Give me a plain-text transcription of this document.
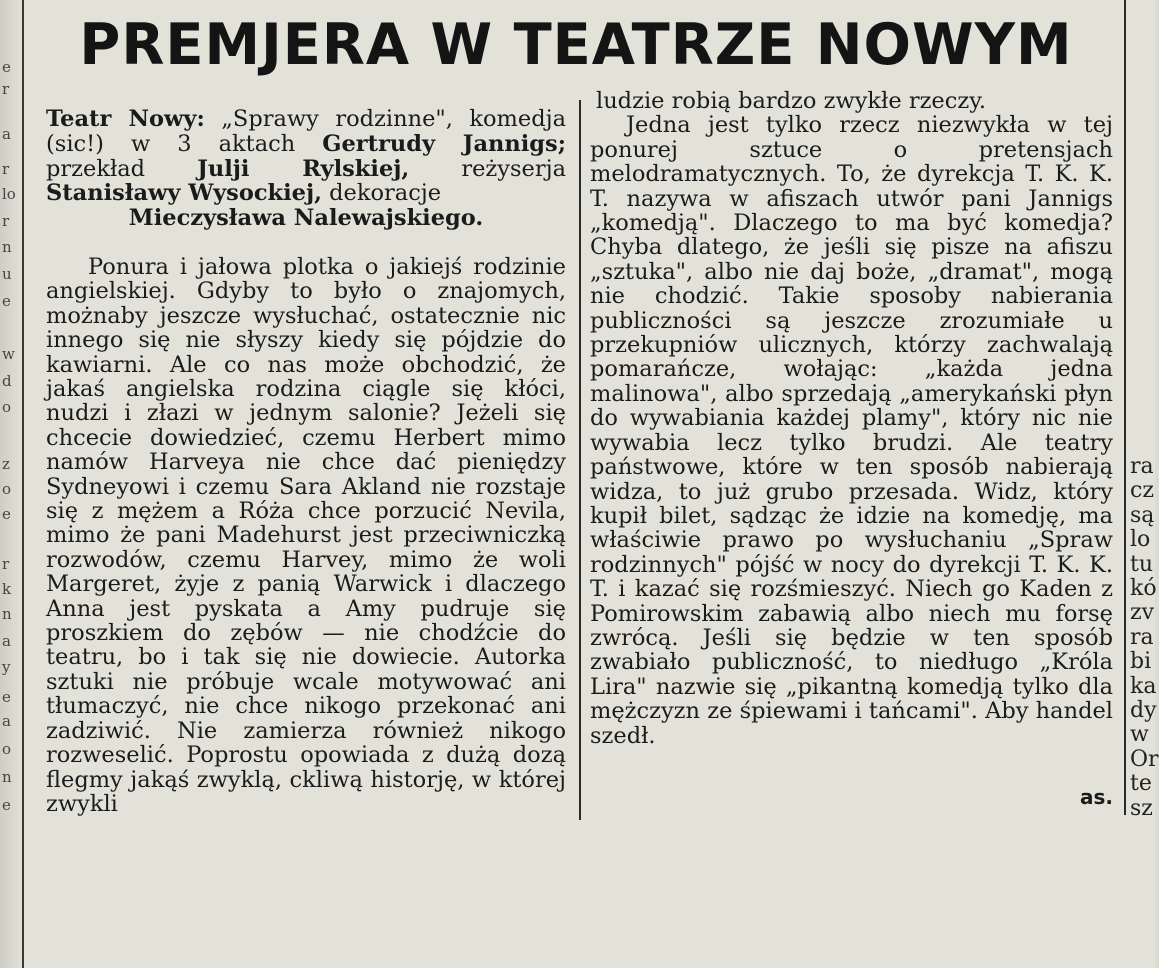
e
r
a
r
lo
r
n
u
e
w
d
o
z
o
e
r
k
n
a
y
e
a
o
n
e
PREMJERA W TEATRZE NOWYM

Teatr Nowy: „Sprawy rodzinne", komedja (sic!) w 3 aktach Gertrudy Jannigs; przekład Julji Rylskiej, reżyserja Stanisławy Wysockiej, dekoracje
Mieczysława Nalewajskiego.

Ponura i jałowa plotka o jakiejś rodzinie angielskiej. Gdyby to było o znajomych, możnaby jeszcze wysłuchać, ostatecznie nic innego się nie słyszy kiedy się pójdzie do kawiarni. Ale co nas może obchodzić, że jakaś angielska rodzina ciągle się kłóci, nudzi i złazi w jednym salonie? Jeżeli się chcecie dowiedzieć, czemu Herbert mimo namów Harveya nie chce dać pieniędzy Sydneyowi i czemu Sara Akland nie rozstaje się z mężem a Róża chce porzucić Nevila, mimo że pani Madehurst jest przeciwniczką rozwodów, czemu Harvey, mimo że woli Margeret, żyje z panią Warwick i dlaczego Anna jest pyskata a Amy pudruje się proszkiem do zębów — nie chodźcie do teatru, bo i tak się nie dowiecie. Autorka sztuki nie próbuje wcale motywować ani tłumaczyć, nie chce nikogo przekonać ani zadziwić. Nie zamierza również nikogo rozweselić. Poprostu opowiada z dużą dozą flegmy jakąś zwyklą, ckliwą historję, w której zwykli

ludzie robią bardzo zwykłe rzeczy.

Jedna jest tylko rzecz niezwykła w tej ponurej sztuce o pretensjach melodramatycznych. To, że dyrekcja T. K. K. T. nazywa w afiszach utwór pani Jannigs „komedją". Dlaczego to ma być komedja? Chyba dlatego, że jeśli się pisze na afiszu „sztuka", albo nie daj boże, „dramat", mogą nie chodzić. Takie sposoby nabierania publiczności są jeszcze zrozumiałe u przekupniów ulicznych, którzy zachwalają pomarańcze, wołając: „każda jedna malinowa", albo sprzedają „amerykański płyn do wywabiania każdej plamy", który nic nie wywabia lecz tylko brudzi. Ale teatry państwowe, które w ten sposób nabierają widza, to już grubo przesada. Widz, który kupił bilet, sądząc że idzie na komedję, ma właściwie prawo po wysłuchaniu „Spraw rodzinnych" pójść w nocy do dyrekcji T. K. K. T. i kazać się rozśmieszyć. Niech go Kaden z Pomirowskim zabawią albo niech mu forsę zwrócą. Jeśli się będzie w ten sposób zwabiało publiczność, to niedługo „Króla Lira" nazwie się „pikantną komedją tylko dla mężczyzn ze śpiewami i tańcami". Aby handel szedł.

as.
ra
cz
są
lo
tu
kó
zv
ra
bi
ka
dy
w
Or
te
sz
